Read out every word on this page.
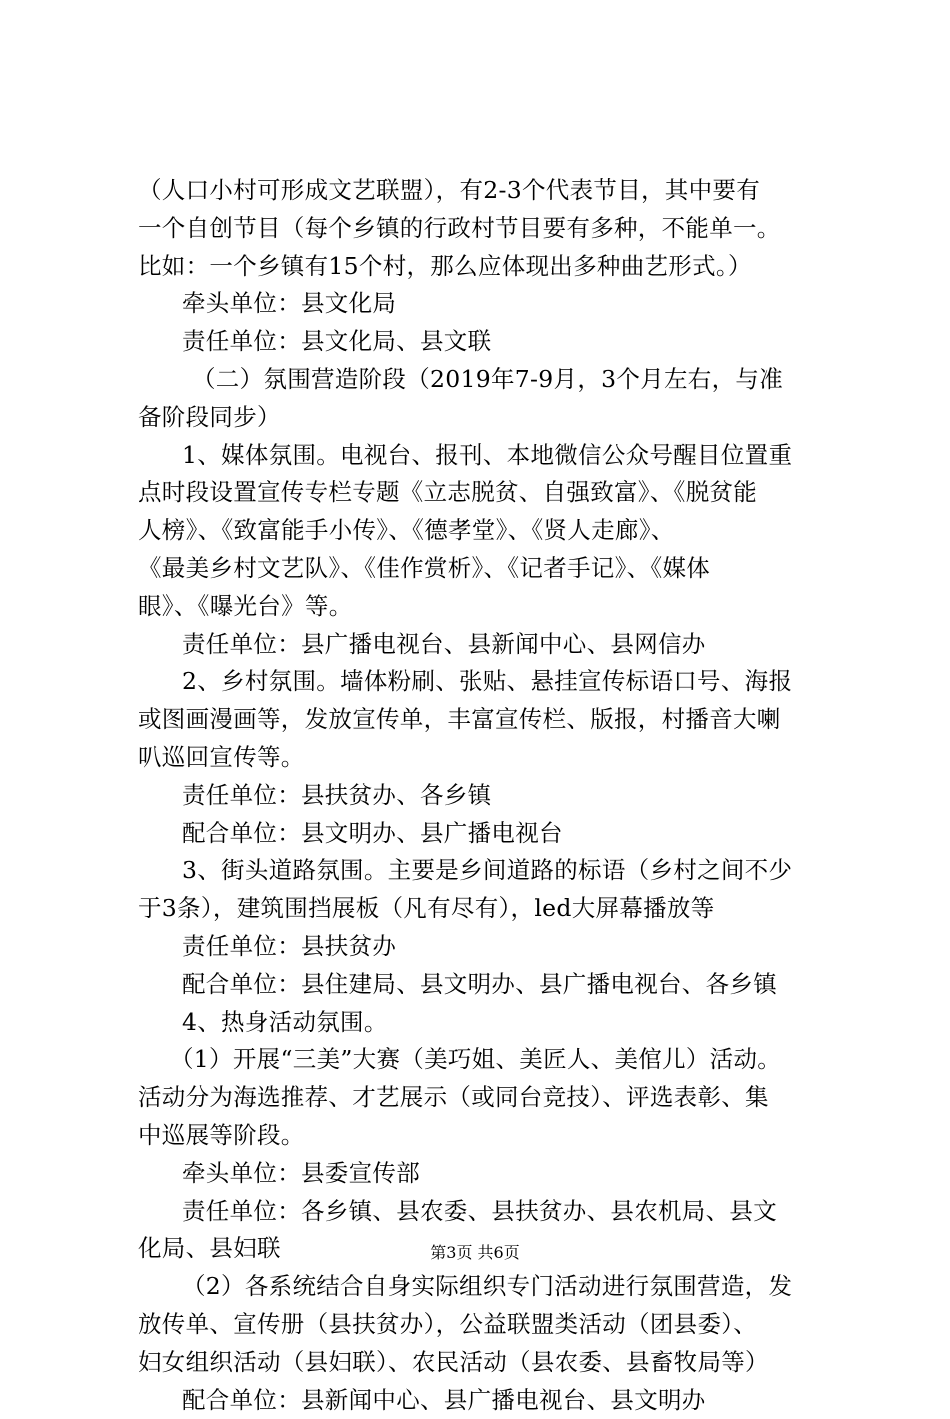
（人口小村可形成文艺联盟），有2-3个代表节目，其中要有
一个自创节目（每个乡镇的行政村节目要有多种，不能单一。
比如：一个乡镇有15个村，那么应体现出多种曲艺形式。）
牵头单位：县文化局
责任单位：县文化局、县文联
（二）氛围营造阶段（2019年7-9月，3个月左右，与准
备阶段同步）
1、媒体氛围。电视台、报刊、本地微信公众号醒目位置重
点时段设置宣传专栏专题《立志脱贫、自强致富》、《脱贫能
人榜》、《致富能手小传》、《德孝堂》、《贤人走廊》、
《最美乡村文艺队》、《佳作赏析》、《记者手记》、《媒体
眼》、《曝光台》等。
责任单位：县广播电视台、县新闻中心、县网信办
2、乡村氛围。墙体粉刷、张贴、悬挂宣传标语口号、海报
或图画漫画等，发放宣传单，丰富宣传栏、版报，村播音大喇
叭巡回宣传等。
责任单位：县扶贫办、各乡镇
配合单位：县文明办、县广播电视台
3、街头道路氛围。主要是乡间道路的标语（乡村之间不少
于3条），建筑围挡展板（凡有尽有），led大屏幕播放等
责任单位：县扶贫办
配合单位：县住建局、县文明办、县广播电视台、各乡镇
4、热身活动氛围。
（1）开展“三美”大赛（美巧姐、美匠人、美倌儿）活动。
活动分为海选推荐、才艺展示（或同台竞技）、评选表彰、集
中巡展等阶段。
牵头单位：县委宣传部
责任单位：各乡镇、县农委、县扶贫办、县农机局、县文
化局、县妇联
（2）各系统结合自身实际组织专门活动进行氛围营造，发
放传单、宣传册（县扶贫办），公益联盟类活动（团县委）、
妇女组织活动（县妇联）、农民活动（县农委、县畜牧局等）
配合单位：县新闻中心、县广播电视台、县文明办
第3页 共6页
